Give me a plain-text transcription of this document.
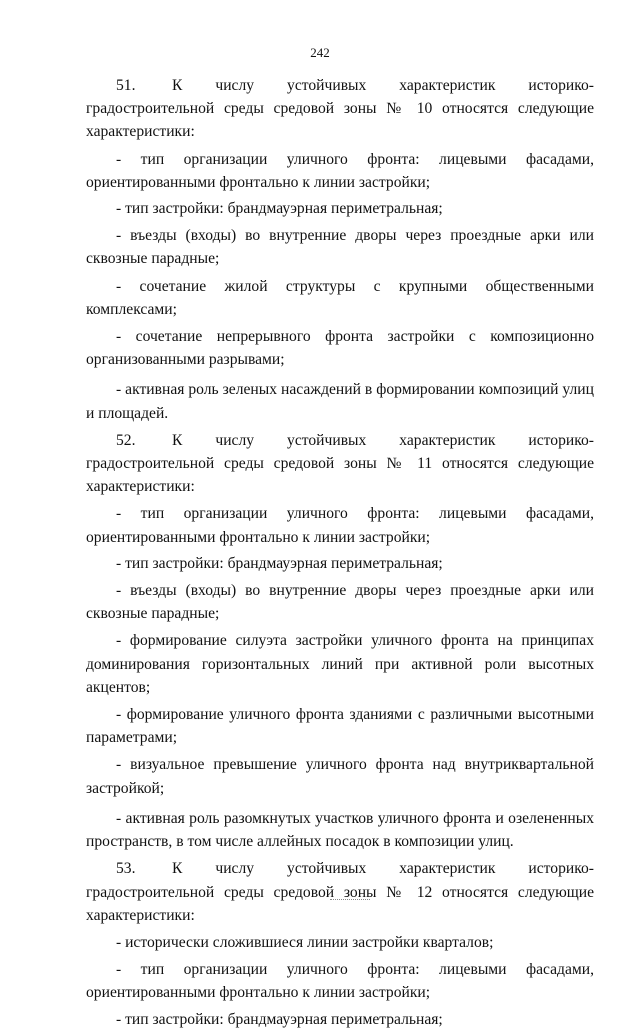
242

51. К числу устойчивых характеристик историко-градостроительной среды средовой зоны № 10 относятся следующие характеристики:

- тип организации уличного фронта: лицевыми фасадами, ориентированными фронтально к линии застройки;

- тип застройки: брандмауэрная периметральная;

- въезды (входы) во внутренние дворы через проездные арки или сквозные парадные;

- сочетание жилой структуры с крупными общественными комплексами;

- сочетание непрерывного фронта застройки с композиционно организованными разрывами;

- активная роль зеленых насаждений в формировании композиций улиц и площадей.

52. К числу устойчивых характеристик историко-градостроительной среды средовой зоны № 11 относятся следующие характеристики:

- тип организации уличного фронта: лицевыми фасадами, ориентированными фронтально к линии застройки;

- тип застройки: брандмауэрная периметральная;

- въезды (входы) во внутренние дворы через проездные арки или сквозные парадные;

- формирование силуэта застройки уличного фронта на принципах доминирования горизонтальных линий при активной роли высотных акцентов;

- формирование уличного фронта зданиями с различными высотными параметрами;

- визуальное превышение уличного фронта над внутриквартальной застройкой;

- активная роль разомкнутых участков уличного фронта и озелененных пространств, в том числе аллейных посадок в композиции улиц.

53. К числу устойчивых характеристик историко-градостроительной среды средовой зоны № 12 относятся следующие характеристики:

- исторически сложившиеся линии застройки кварталов;

- тип организации уличного фронта: лицевыми фасадами, ориентированными фронтально к линии застройки;

- тип застройки: брандмауэрная периметральная;
